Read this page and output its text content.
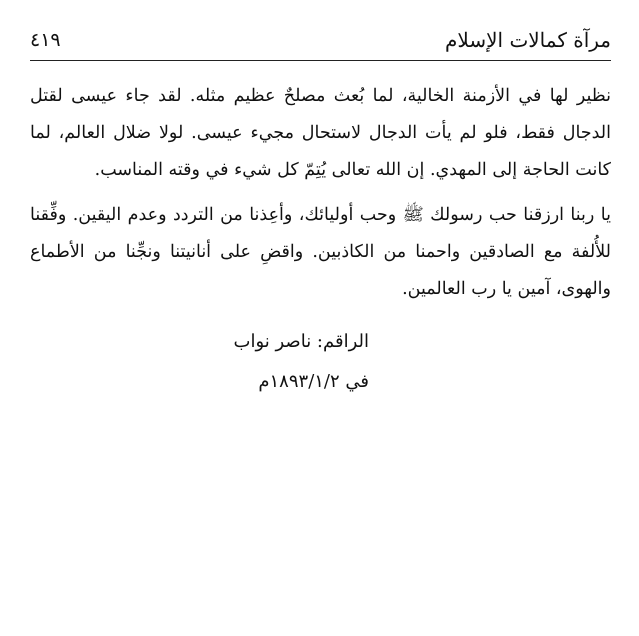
٤١٩	مرآة كمالات الإسلام

نظير لها في الأزمنة الخالية، لما بُعث مصلحٌ عظيم مثله. لقد جاء عيسى لقتل الدجال فقط، فلو لم يأت الدجال لاستحال مجيء عيسى. لولا ضلال العالم، لما كانت الحاجة إلى المهدي. إن الله تعالى يُتِمّ كل شيء في وقته المناسب.

يا ربنا ارزقنا حب رسولك ﷺ وحب أوليائك، وأعِذنا من التردد وعدم اليقين. وفِّقنا للأُلفة مع الصادقين واحمنا من الكاذبين. واقضِ على أنانيتنا ونجِّنا من الأطماع والهوى، آمين يا رب العالمين.

الراقم: ناصر نواب
في ١٨٩٣/١/٢م
